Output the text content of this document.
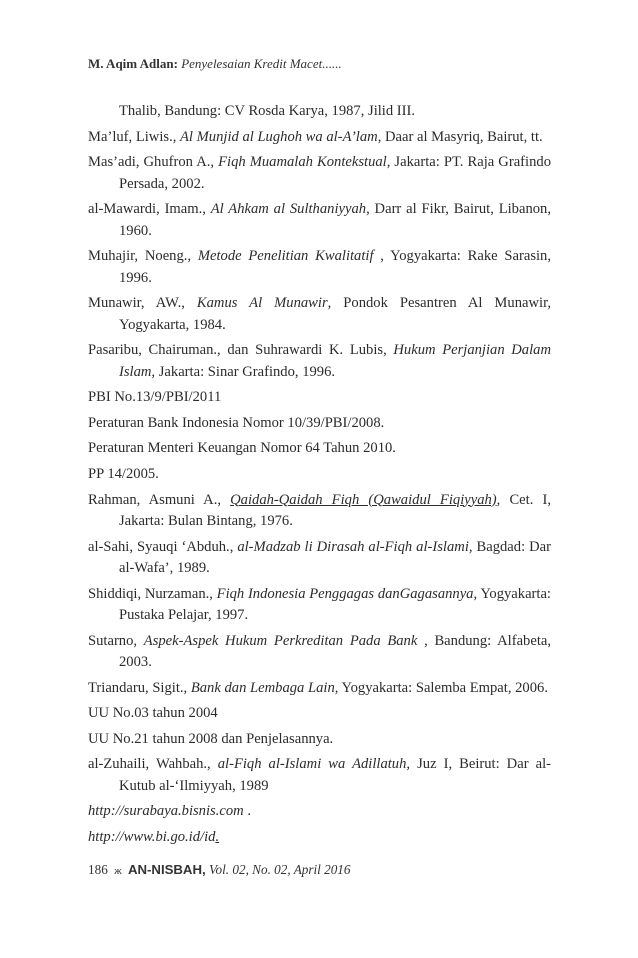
M. Aqim Adlan: Penyelesaian Kredit Macet......
Thalib, Bandung: CV Rosda Karya, 1987, Jilid III.
Ma’luf, Liwis., Al Munjid al Lughoh wa al-A’lam, Daar al Masyriq, Bairut, tt.
Mas’adi, Ghufron A., Fiqh Muamalah Kontekstual, Jakarta: PT. Raja Grafindo Persada, 2002.
al-Mawardi, Imam., Al Ahkam al Sulthaniyyah, Darr al Fikr, Bairut, Libanon, 1960.
Muhajir, Noeng., Metode Penelitian Kwalitatif , Yogyakarta: Rake Sarasin, 1996.
Munawir, AW., Kamus Al Munawir, Pondok Pesantren Al Munawir, Yogyakarta, 1984.
Pasaribu, Chairuman., dan Suhrawardi K. Lubis, Hukum Perjanjian Dalam Islam, Jakarta: Sinar Grafindo, 1996.
PBI No.13/9/PBI/2011
Peraturan Bank Indonesia Nomor 10/39/PBI/2008.
Peraturan Menteri Keuangan Nomor 64 Tahun 2010.
PP 14/2005.
Rahman, Asmuni A., Qaidah-Qaidah Fiqh (Qawaidul Fiqiyyah), Cet. I, Jakarta: Bulan Bintang, 1976.
al-Sahi, Syauqi ‘Abduh., al-Madzab li Dirasah al-Fiqh al-Islami, Bagdad: Dar al-Wafa’, 1989.
Shiddiqi, Nurzaman., Fiqh Indonesia Penggagas danGagasannya, Yogyakarta: Pustaka Pelajar, 1997.
Sutarno, Aspek-Aspek Hukum Perkreditan Pada Bank , Bandung: Alfabeta, 2003.
Triandaru, Sigit., Bank dan Lembaga Lain, Yogyakarta: Salemba Empat, 2006.
UU No.03 tahun 2004
UU No.21 tahun 2008 dan Penjelasannya.
al-Zuhaili, Wahbah., al-Fiqh al-Islami wa Adillatuh, Juz I, Beirut: Dar al-Kutub al-‘Ilmiyyah, 1989
http://surabaya.bisnis.com .
http://www.bi.go.id/id.
186 ж AN-NISBAH, Vol. 02, No. 02, April 2016
